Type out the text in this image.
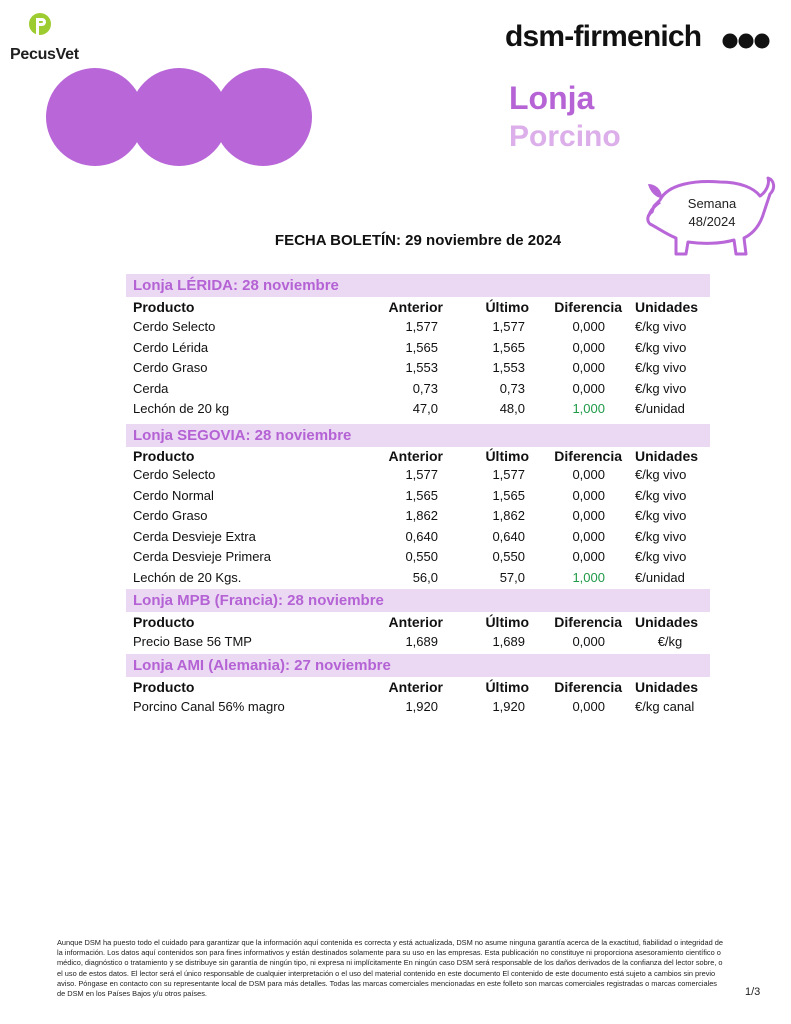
PecusVet
dsm-firmenich
Lonja
Porcino
Semana
48/2024
FECHA BOLETÍN: 29 noviembre de 2024
Lonja LÉRIDA: 28 noviembre
Producto	Anterior	Último Diferencia Unidades
Cerdo Selecto	1,577	1,577	0,000 €/kg vivo
Cerdo Lérida	1,565	1,565	0,000 €/kg vivo
Cerdo Graso	1,553	1,553	0,000 €/kg vivo
Cerda	0,73	0,73	0,000 €/kg vivo
Lechón de 20 kg	47,0	48,0	1,000 €/unidad
Lonja SEGOVIA: 28 noviembre
Producto	Anterior	Último Diferencia Unidades
Cerdo Selecto	1,577	1,577	0,000 €/kg vivo
Cerdo Normal	1,565	1,565	0,000 €/kg vivo
Cerdo Graso	1,862	1,862	0,000 €/kg vivo
Cerda Desvieje Extra	0,640	0,640	0,000 €/kg vivo
Cerda Desvieje Primera	0,550	0,550	0,000 €/kg vivo
Lechón de 20 Kgs.	56,0	57,0	1,000 €/unidad
Lonja MPB (Francia): 28 noviembre
Producto	Anterior	Último Diferencia Unidades
Precio Base 56 TMP	1,689	1,689	0,000	€/kg
Lonja AMI (Alemania): 27 noviembre
Producto	Anterior	Último Diferencia Unidades
Porcino Canal 56% magro	1,920	1,920	0,000 €/kg canal
Aunque DSM ha puesto todo el cuidado para garantizar que la información aquí contenida es correcta y está actualizada, DSM no asume ninguna garantía acerca de la exactitud, fiabilidad o integridad de la información. Los datos aquí contenidos son para fines informativos y están destinados solamente para su uso en las empresas. Esta publicación no constituye ni proporciona asesoramiento científico o médico, diagnóstico o tratamiento y se distribuye sin garantía de ningún tipo, ni expresa ni implícitamente En ningún caso DSM será responsable de los daños derivados de la confianza del lector sobre, o el uso de estos datos. El lector será el único responsable de cualquier interpretación o el uso del material contenido en este documento El contenido de este documento está sujeto a cambios sin previo aviso. Póngase en contacto con su representante local de DSM para más detalles. Todas las marcas comerciales mencionadas en este folleto son marcas comerciales registradas o marcas comerciales de DSM en los Países Bajos y/u otros países.	1/3
